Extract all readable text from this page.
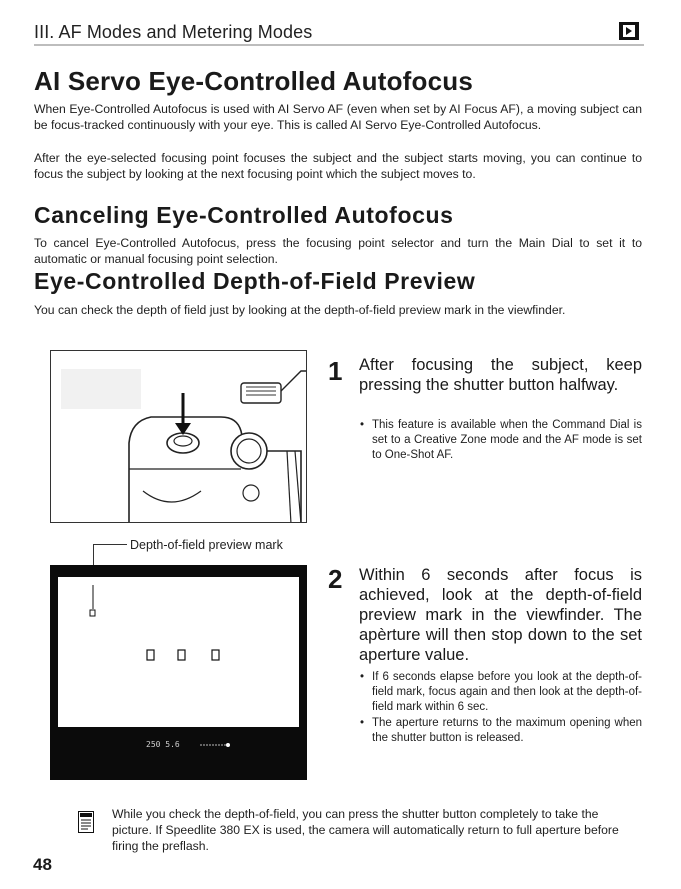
III. AF Modes and Metering Modes
AI Servo Eye-Controlled Autofocus

When Eye-Controlled Autofocus is used with AI Servo AF (even when set by AI Focus AF), a moving subject can be focus-tracked continuously with your eye. This is called AI Servo Eye-Controlled Autofocus.

After the eye-selected focusing point focuses the subject and the subject starts moving, you can continue to focus the subject by looking at the next focusing point which the subject moves to.

Canceling Eye-Controlled Autofocus

To cancel Eye-Controlled Autofocus, press the focusing point selector and turn the Main Dial to set it to automatic or manual focusing point selection.

Eye-Controlled Depth-of-Field Preview

You can check the depth of field just by looking at the depth-of-field preview mark in the viewfinder.

Depth-of-field preview mark
250 5.6
1 After focusing the subject, keep pressing the shutter button halfway.

• This feature is available when the Command Dial is set to a Creative Zone mode and the AF mode is set to One-Shot AF.
2 Within 6 seconds after focus is achieved, look at the depth-of-field preview mark in the viewfinder. The apèrture will then stop down to the set aperture value.

• If 6 seconds elapse before you look at the depth-of-field mark, focus again and then look at the depth-of-field mark within 6 sec.
• The aperture returns to the maximum opening when the shutter button is released.

While you check the depth-of-field, you can press the shutter button completely to take the picture. If Speedlite 380 EX is used, the camera will automatically return to full aperture before firing the preflash.

48
